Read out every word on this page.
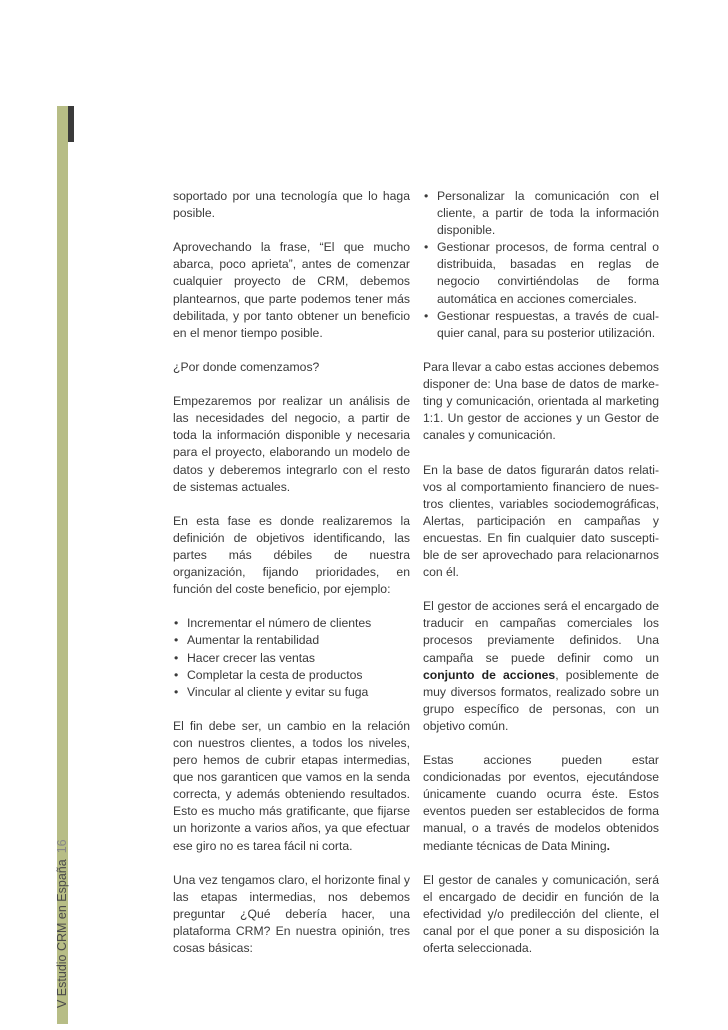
V Estudio CRM en España16

soportado por una tecnología que lo haga posible.

Aprovechando la frase, “El que mucho abarca, poco aprieta”, antes de comenzar cualquier proyecto de CRM, debemos plantearnos, que parte podemos tener más debilitada, y por tanto obtener un beneficio en el menor tiempo posible.

¿Por donde comenzamos?

Empezaremos por realizar un análisis de las necesidades del negocio, a partir de toda la información disponible y necesaria para el proyecto, elaborando un modelo de datos y deberemos integrarlo con el resto de sistemas actuales.

En esta fase es donde realizaremos la definición de objetivos identificando, las partes más débiles de nuestra organización, fijando prioridades, en función del coste beneficio, por ejemplo:

• Incrementar el número de clientes
• Aumentar la rentabilidad
• Hacer crecer las ventas
• Completar la cesta de productos
• Vincular al cliente y evitar su fuga

El fin debe ser, un cambio en la relación con nuestros clientes, a todos los niveles, pero hemos de cubrir etapas intermedias, que nos garanticen que vamos en la senda correcta, y además obteniendo resultados. Esto es mucho más gratificante, que fijarse un horizonte a varios años, ya que efectuar ese giro no es tarea fácil ni corta.

Una vez tengamos claro, el horizonte final y las etapas intermedias, nos debemos preguntar ¿Qué debería hacer, una plataforma CRM? En nuestra opinión, tres cosas básicas:

• Personalizar la comunicación con el cliente, a partir de toda la información disponible.
• Gestionar procesos, de forma central o distribuida, basadas en reglas de negocio convirtiéndolas de forma automática en acciones comerciales.
• Gestionar respuestas, a través de cualquier canal, para su posterior utilización.

Para llevar a cabo estas acciones debemos disponer de: Una base de datos de marketing y comunicación, orientada al marketing 1:1. Un gestor de acciones y un Gestor de canales y comunicación.

En la base de datos figurarán datos relativos al comportamiento financiero de nuestros clientes, variables sociodemográficas, Alertas, participación en campañas y encuestas. En fin cualquier dato susceptible de ser aprovechado para relacionarnos con él.

El gestor de acciones será el encargado de traducir en campañas comerciales los procesos previamente definidos. Una campaña se puede definir como un conjunto de acciones, posiblemente de muy diversos formatos, realizado sobre un grupo específico de personas, con un objetivo común.

Estas acciones pueden estar condicionadas por eventos, ejecutándose únicamente cuando ocurra éste. Estos eventos pueden ser establecidos de forma manual, o a través de modelos obtenidos mediante técnicas de Data Mining.

El gestor de canales y comunicación, será el encargado de decidir en función de la efectividad y/o predilección del cliente, el canal por el que poner a su disposición la oferta seleccionada.
